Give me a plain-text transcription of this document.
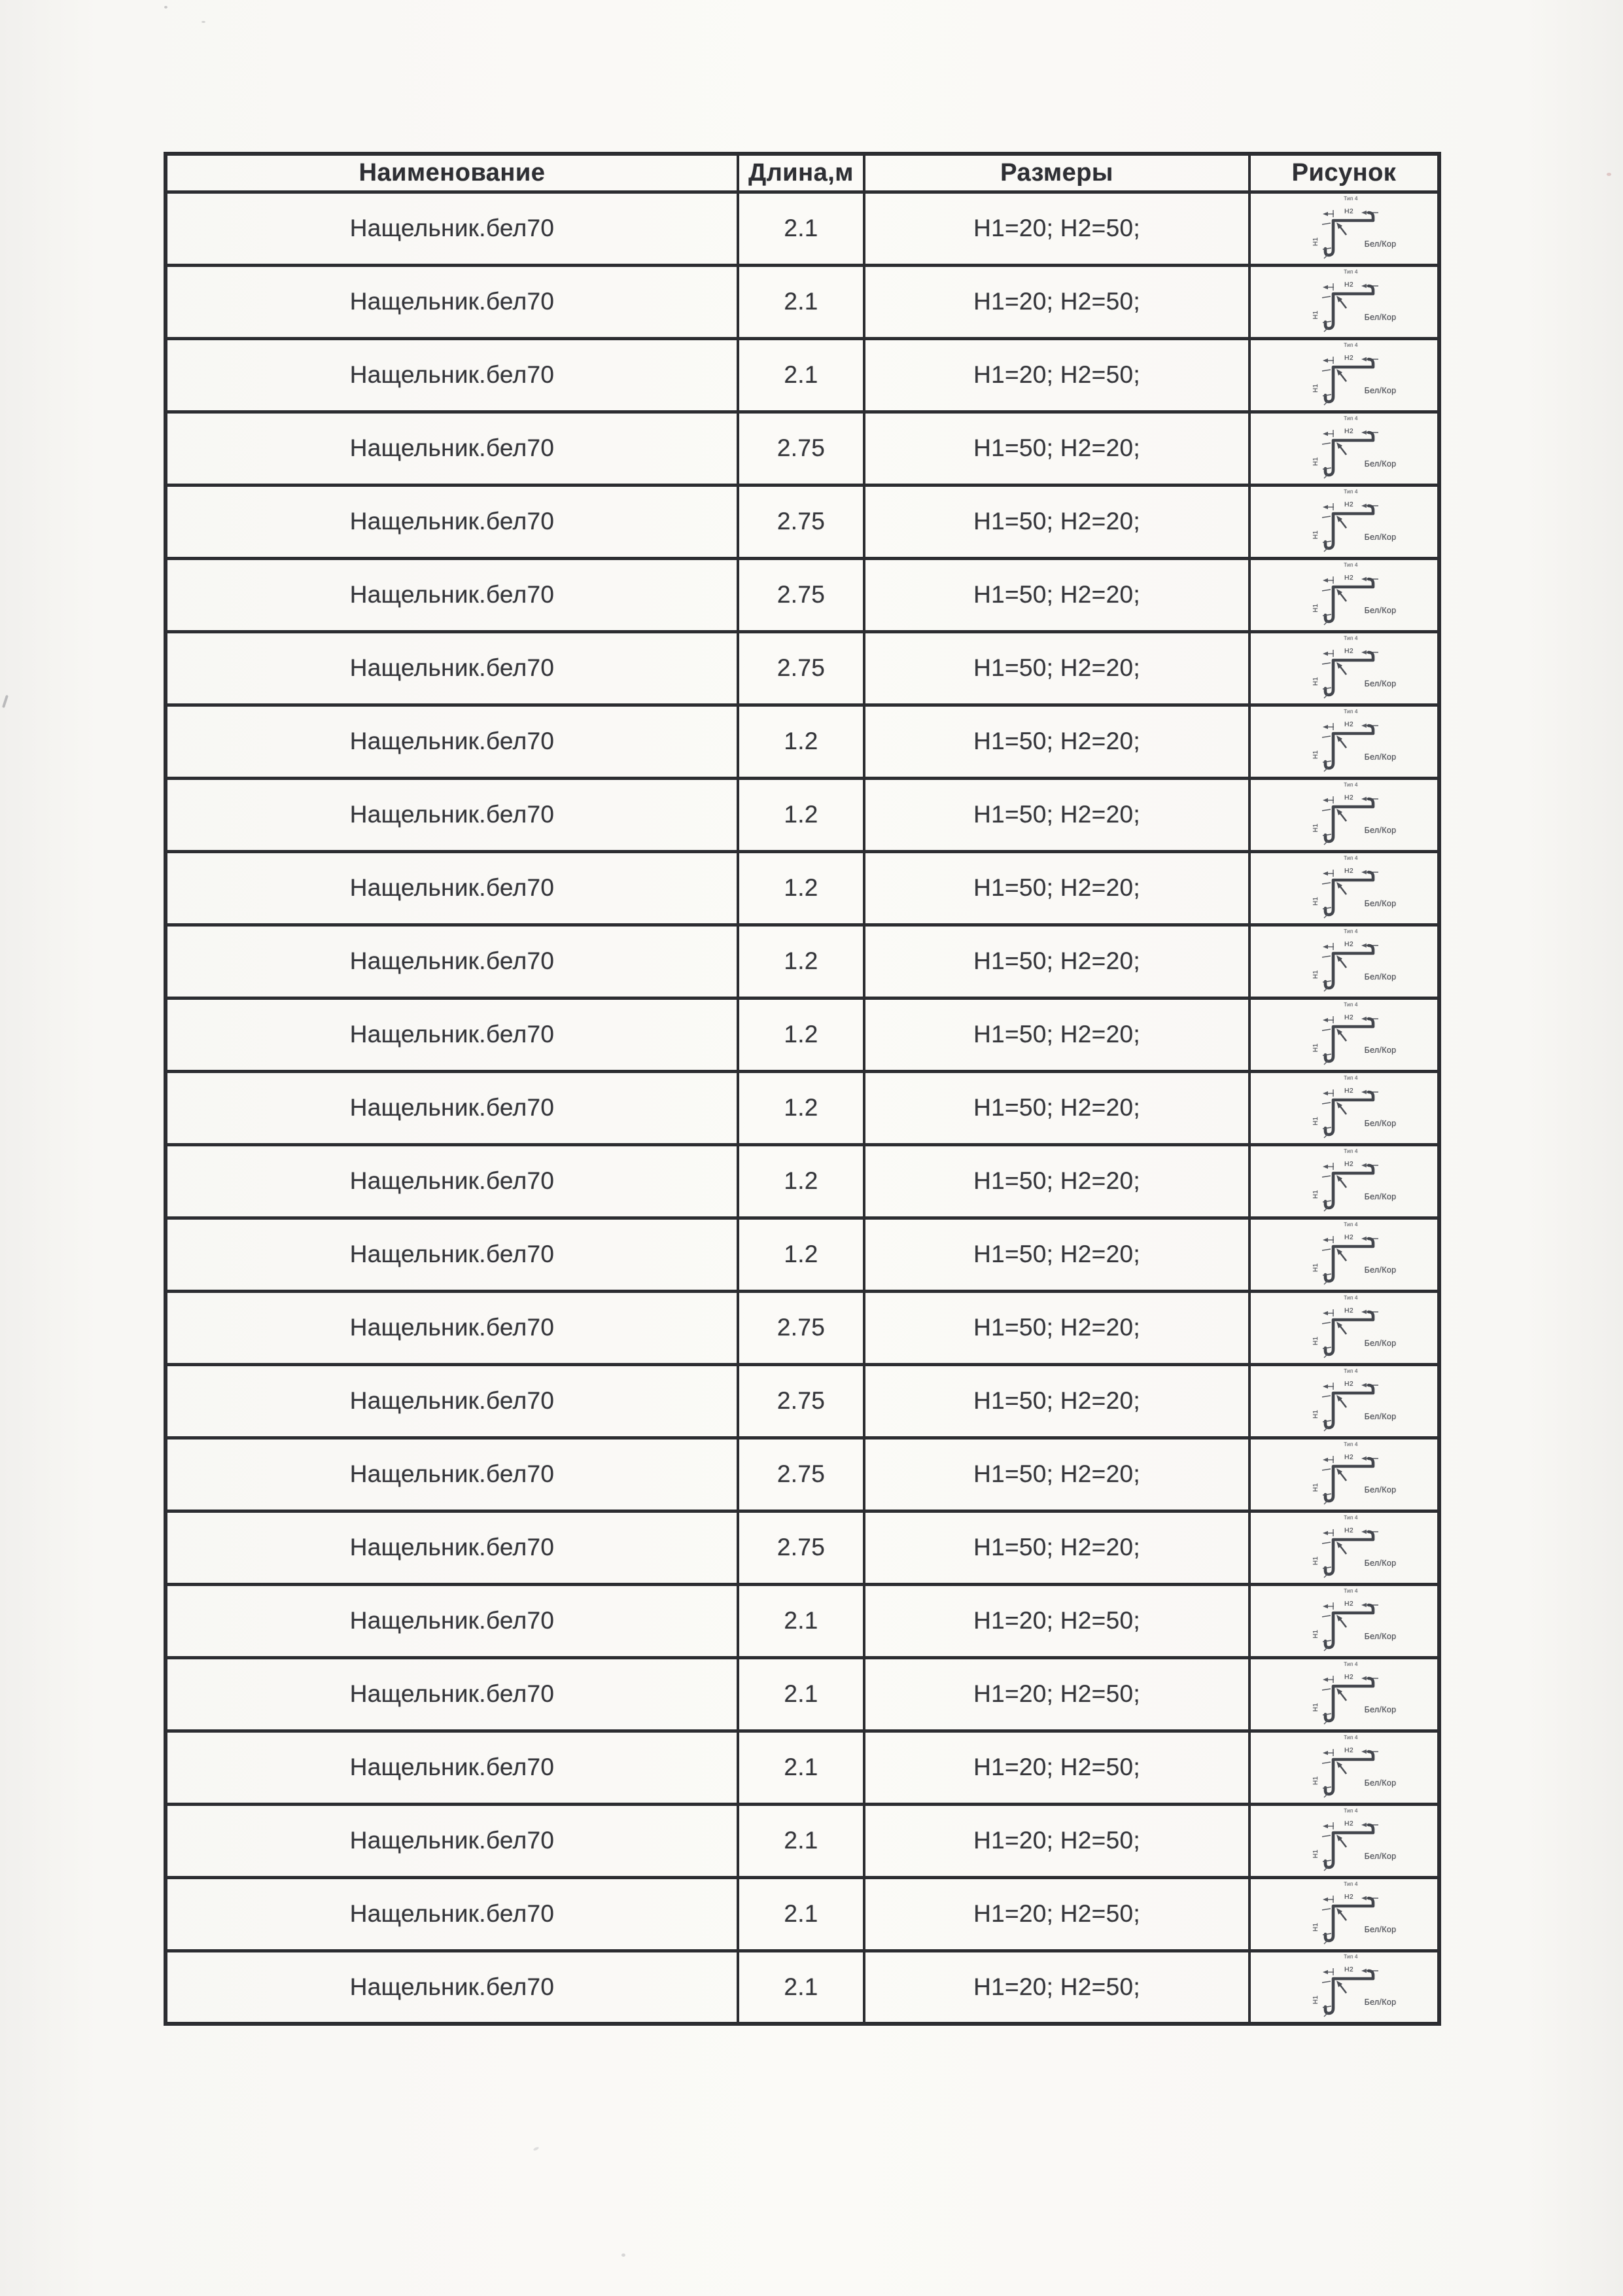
Наименование	Длина,м	Размеры	Рисунок
Нащельник.бел70	2.1	H1=20; H2=50;	Тип 4
H2
H1 Бел/Кор

Нащельник.бел70	2.1	H1=20; H2=50;	Тип 4
H2
H1 Бел/Кор

Нащельник.бел70	2.1	H1=20; H2=50;	Тип 4
H2
H1 Бел/Кор

Нащельник.бел70	2.75	H1=50; H2=20;	Тип 4
H2
H1 Бел/Кор

Нащельник.бел70	2.75	H1=50; H2=20;	Тип 4
H2
H1 Бел/Кор

Нащельник.бел70	2.75	H1=50; H2=20;	Тип 4
H2
H1 Бел/Кор

Нащельник.бел70	2.75	H1=50; H2=20;	Тип 4
H2
H1 Бел/Кор

Нащельник.бел70	1.2	H1=50; H2=20;	Тип 4
H2
H1 Бел/Кор

Нащельник.бел70	1.2	H1=50; H2=20;	Тип 4
H2
H1 Бел/Кор

Нащельник.бел70	1.2	H1=50; H2=20;	Тип 4
H2
H1 Бел/Кор

Нащельник.бел70	1.2	H1=50; H2=20;	Тип 4
H2
H1 Бел/Кор

Нащельник.бел70	1.2	H1=50; H2=20;	Тип 4
H2
H1 Бел/Кор

Нащельник.бел70	1.2	H1=50; H2=20;	Тип 4
H2
H1 Бел/Кор

Нащельник.бел70	1.2	H1=50; H2=20;	Тип 4
H2
H1 Бел/Кор

Нащельник.бел70	1.2	H1=50; H2=20;	Тип 4
H2
H1 Бел/Кор

Нащельник.бел70	2.75	H1=50; H2=20;	Тип 4
H2
H1 Бел/Кор

Нащельник.бел70	2.75	H1=50; H2=20;	Тип 4
H2
H1 Бел/Кор

Нащельник.бел70	2.75	H1=50; H2=20;	Тип 4
H2
H1 Бел/Кор

Нащельник.бел70	2.75	H1=50; H2=20;	Тип 4
H2
H1 Бел/Кор

Нащельник.бел70	2.1	H1=20; H2=50;	Тип 4
H2
H1 Бел/Кор

Нащельник.бел70	2.1	H1=20; H2=50;	Тип 4
H2
H1 Бел/Кор

Нащельник.бел70	2.1	H1=20; H2=50;	Тип 4
H2
H1 Бел/Кор

Нащельник.бел70	2.1	H1=20; H2=50;	Тип 4
H2
H1 Бел/Кор

Нащельник.бел70	2.1	H1=20; H2=50;	Тип 4
H2
H1 Бел/Кор

Нащельник.бел70	2.1	H1=20; H2=50;	Тип 4
H2
H1 Бел/Кор
